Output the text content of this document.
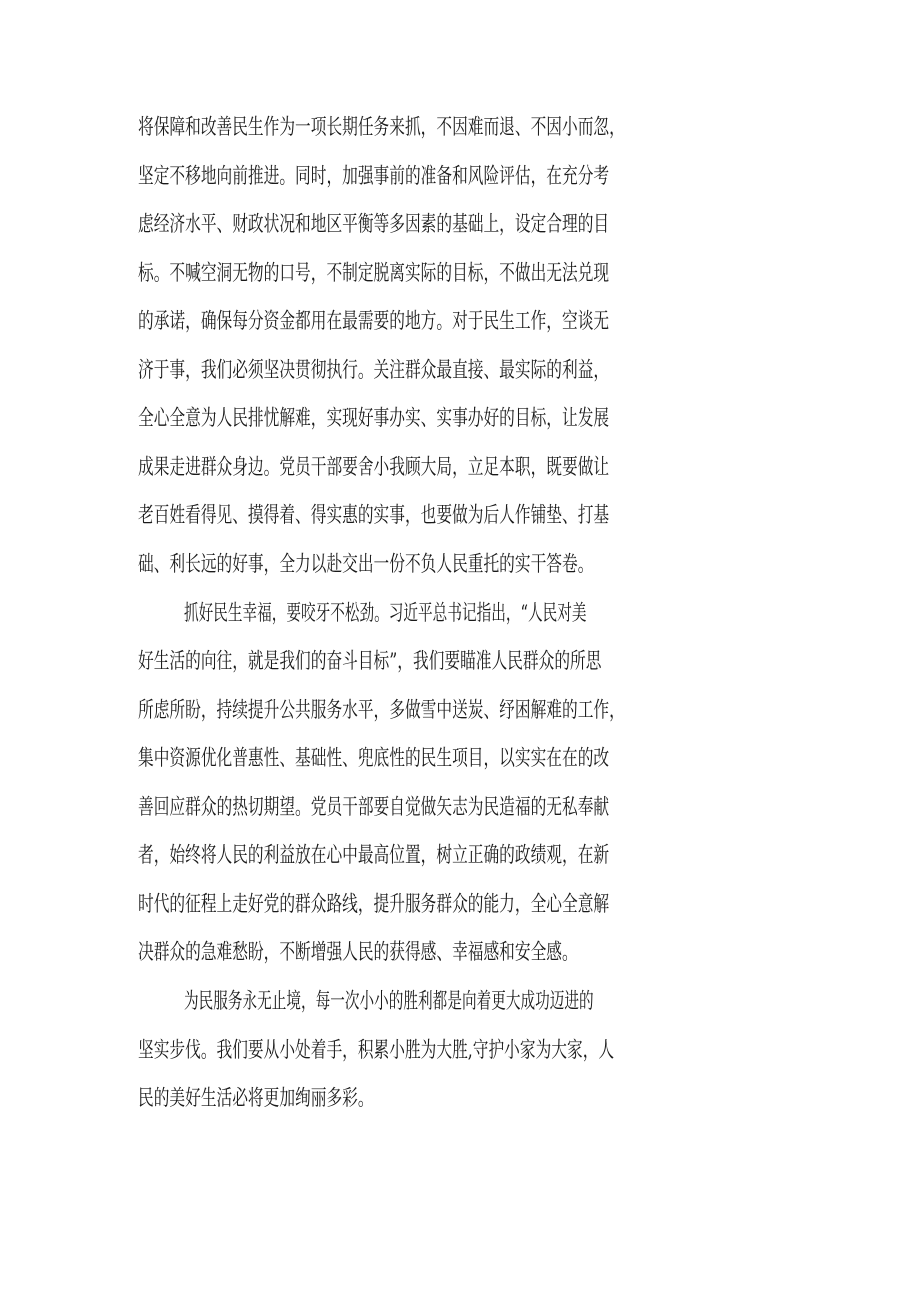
将保障和改善民生作为一项长期任务来抓，不因难而退、不因小而忽，

坚定不移地向前推进。同时，加强事前的准备和风险评估，在充分考

虑经济水平、财政状况和地区平衡等多因素的基础上，设定合理的目

标。不喊空洞无物的口号，不制定脱离实际的目标，不做出无法兑现

的承诺，确保每分资金都用在最需要的地方。对于民生工作，空谈无

济于事，我们必须坚决贯彻执行。关注群众最直接、最实际的利益，

全心全意为人民排忧解难，实现好事办实、实事办好的目标，让发展

成果走进群众身边。党员干部要舍小我顾大局，立足本职，既要做让

老百姓看得见、摸得着、得实惠的实事，也要做为后人作铺垫、打基

础、利长远的好事，全力以赴交出一份不负人民重托的实干答卷。

抓好民生幸福，要咬牙不松劲。习近平总书记指出，“人民对美

好生活的向往，就是我们的奋斗目标”，我们要瞄准人民群众的所思

所虑所盼，持续提升公共服务水平，多做雪中送炭、纾困解难的工作，

集中资源优化普惠性、基础性、兜底性的民生项目，以实实在在的改

善回应群众的热切期望。党员干部要自觉做矢志为民造福的无私奉献

者，始终将人民的利益放在心中最高位置，树立正确的政绩观，在新

时代的征程上走好党的群众路线，提升服务群众的能力，全心全意解

决群众的急难愁盼，不断增强人民的获得感、幸福感和安全感。

为民服务永无止境，每一次小小的胜利都是向着更大成功迈进的

坚实步伐。我们要从小处着手，积累小胜为大胜,守护小家为大家，人

民的美好生活必将更加绚丽多彩。
